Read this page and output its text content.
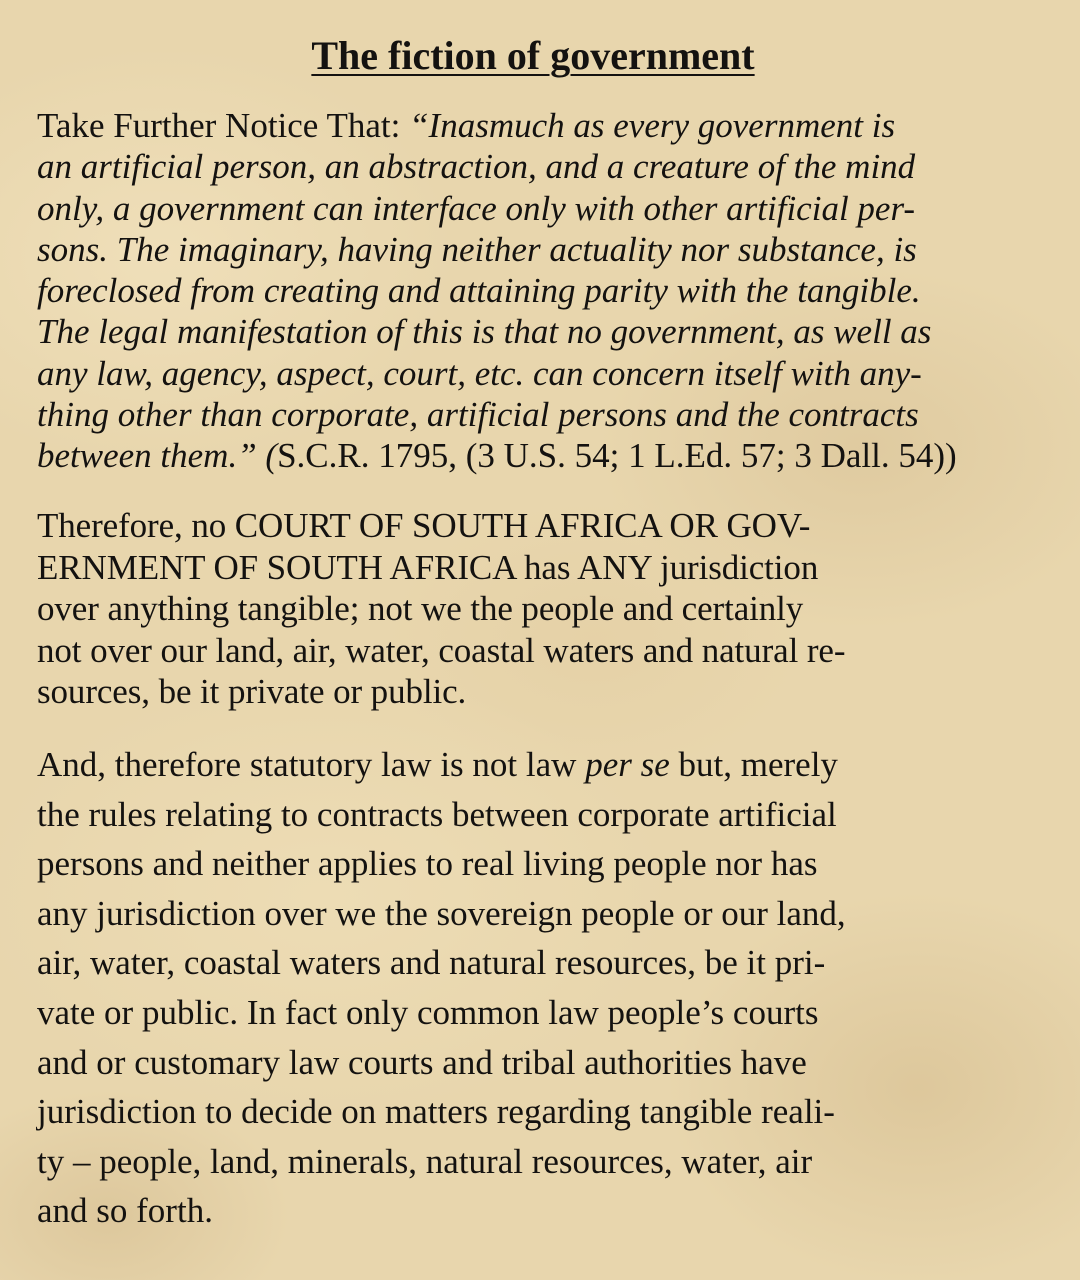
The fiction of government

Take Further Notice That: “Inasmuch as every government is
an artificial person, an abstraction, and a creature of the mind
only, a government can interface only with other artificial per-
sons. The imaginary, having neither actuality nor substance, is
foreclosed from creating and attaining parity with the tangible.
The legal manifestation of this is that no government, as well as
any law, agency, aspect, court, etc. can concern itself with any-
thing other than corporate, artificial persons and the contracts
between them.” (S.C.R. 1795, (3 U.S. 54; 1 L.Ed. 57; 3 Dall. 54))

Therefore, no COURT OF SOUTH AFRICA OR GOV-
ERNMENT OF SOUTH AFRICA has ANY jurisdiction
over anything tangible; not we the people and certainly
not over our land, air, water, coastal waters and natural re-
sources, be it private or public.

And, therefore statutory law is not law per se but, merely
the rules relating to contracts between corporate artificial
persons and neither applies to real living people nor has
any jurisdiction over we the sovereign people or our land,
air, water, coastal waters and natural resources, be it pri-
vate or public. In fact only common law people’s courts
and or customary law courts and tribal authorities have
jurisdiction to decide on matters regarding tangible reali-
ty – people, land, minerals, natural resources, water, air
and so forth.
